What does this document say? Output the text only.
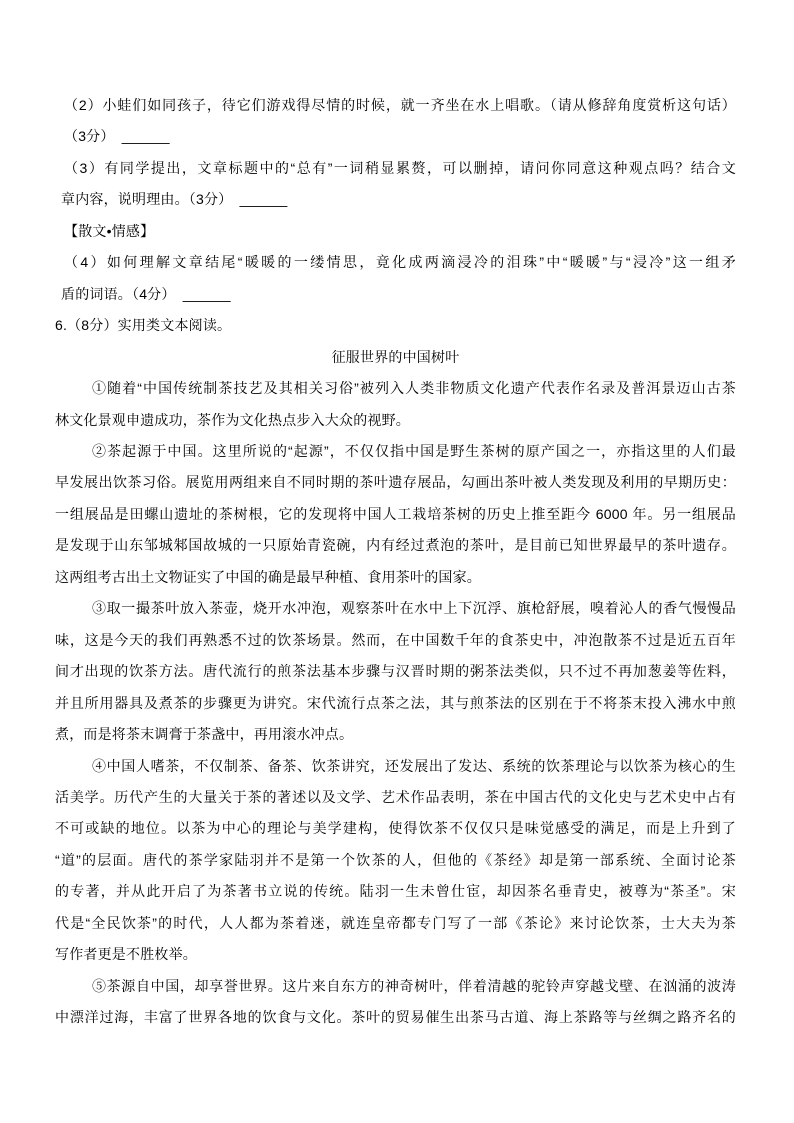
（2）小蛙们如同孩子，待它们游戏得尽情的时候，就一齐坐在水上唱歌。（请从修辞角度赏析这句话）
（3分）　______
（3）有同学提出，文章标题中的“总有”一词稍显累赘，可以删掉，请问你同意这种观点吗？结合文
章内容，说明理由。（3分）　______
【散文•情感】
（4）如何理解文章结尾“暖暖的一缕情思，竟化成两滴浸冷的泪珠”中“暖暖”与“浸冷”这一组矛
盾的词语。（4分）　______
6.（8分）实用类文本阅读。
征服世界的中国树叶
①随着“中国传统制茶技艺及其相关习俗”被列入人类非物质文化遗产代表作名录及普洱景迈山古茶
林文化景观申遗成功，茶作为文化热点步入大众的视野。
②茶起源于中国。这里所说的“起源”，不仅仅指中国是野生茶树的原产国之一，亦指这里的人们最
早发展出饮茶习俗。展览用两组来自不同时期的茶叶遗存展品，勾画出茶叶被人类发现及利用的早期历史：
一组展品是田螺山遗址的茶树根，它的发现将中国人工栽培茶树的历史上推至距今 6000 年。另一组展品
是发现于山东邹城邾国故城的一只原始青瓷碗，内有经过煮泡的茶叶，是目前已知世界最早的茶叶遗存。
这两组考古出土文物证实了中国的确是最早种植、食用茶叶的国家。
③取一撮茶叶放入茶壶，烧开水冲泡，观察茶叶在水中上下沉浮、旗枪舒展，嗅着沁人的香气慢慢品
味，这是今天的我们再熟悉不过的饮茶场景。然而，在中国数千年的食茶史中，冲泡散茶不过是近五百年
间才出现的饮茶方法。唐代流行的煎茶法基本步骤与汉晋时期的粥茶法类似，只不过不再加葱姜等佐料，
并且所用器具及煮茶的步骤更为讲究。宋代流行点茶之法，其与煎茶法的区别在于不将茶末投入沸水中煎
煮，而是将茶末调膏于茶盏中，再用滚水冲点。
④中国人嗜茶，不仅制茶、备茶、饮茶讲究，还发展出了发达、系统的饮茶理论与以饮茶为核心的生
活美学。历代产生的大量关于茶的著述以及文学、艺术作品表明，茶在中国古代的文化史与艺术史中占有
不可或缺的地位。以茶为中心的理论与美学建构，使得饮茶不仅仅只是味觉感受的满足，而是上升到了
“道”的层面。唐代的茶学家陆羽并不是第一个饮茶的人，但他的《茶经》却是第一部系统、全面讨论茶
的专著，并从此开启了为茶著书立说的传统。陆羽一生未曾仕宦，却因茶名垂青史，被尊为“茶圣”。宋
代是“全民饮茶”的时代，人人都为茶着迷，就连皇帝都专门写了一部《茶论》来讨论饮茶，士大夫为茶
写作者更是不胜枚举。
⑤茶源自中国，却享誉世界。这片来自东方的神奇树叶，伴着清越的驼铃声穿越戈壁、在汹涌的波涛
中漂洋过海，丰富了世界各地的饮食与文化。茶叶的贸易催生出茶马古道、海上茶路等与丝绸之路齐名的
